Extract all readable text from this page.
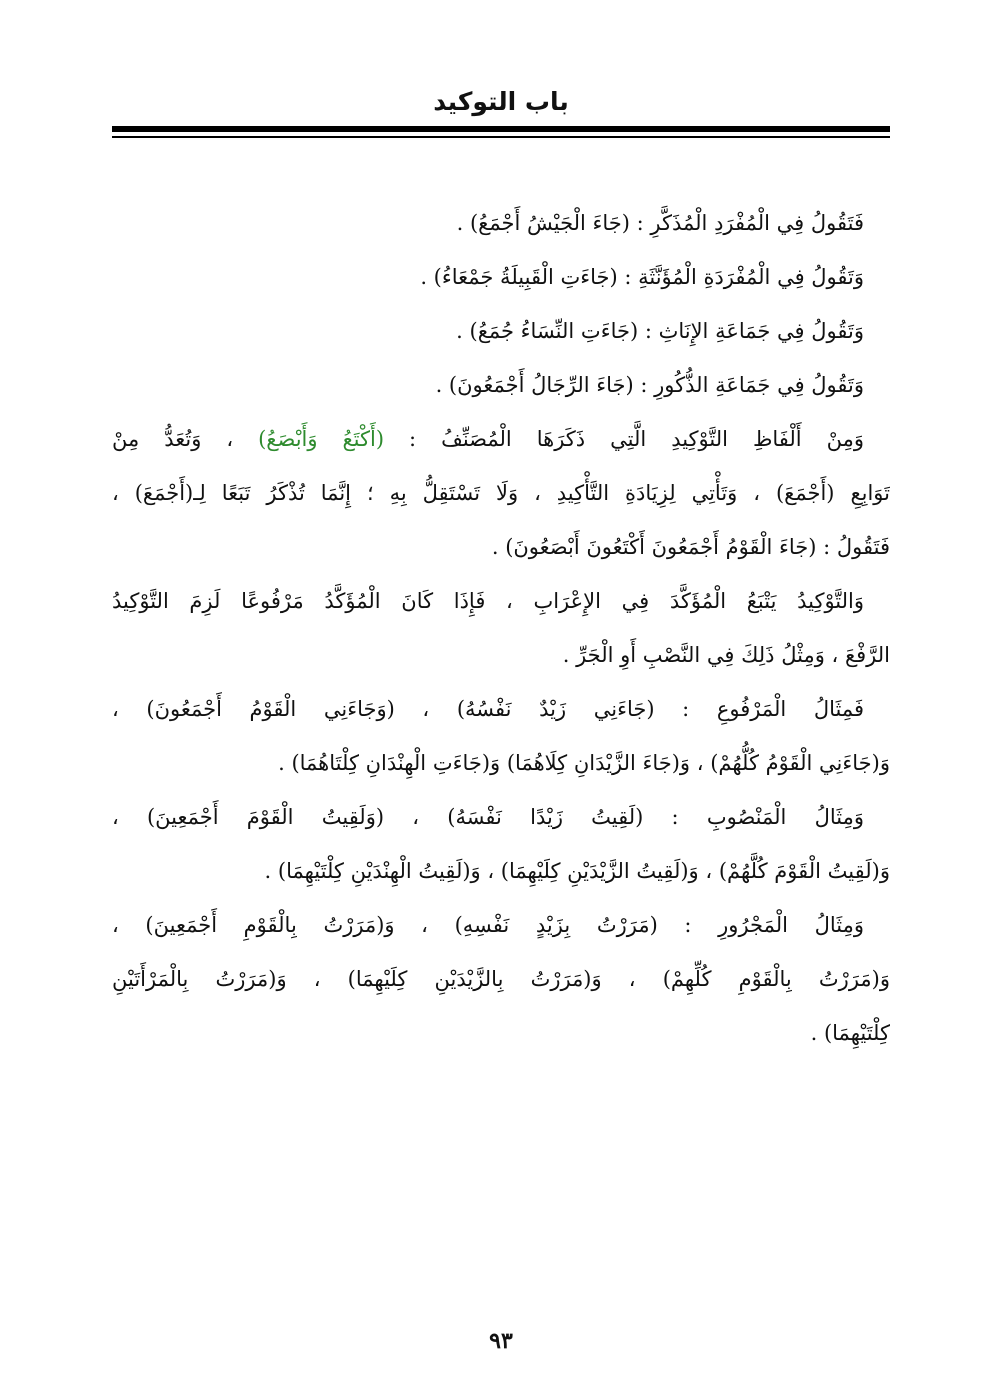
باب التوكيد
فَتَقُولُ فِي الْمُفْرَدِ الْمُذَكَّرِ : (جَاءَ الْجَيْشُ أَجْمَعُ) .
وَتَقُولُ فِي الْمُفْرَدَةِ الْمُؤَنَّثَةِ : (جَاءَتِ الْقَبِيلَةُ جَمْعَاءُ) .
وَتَقُولُ فِي جَمَاعَةِ الإِنَاثِ : (جَاءَتِ النِّسَاءُ جُمَعُ) .
وَتَقُولُ فِي جَمَاعَةِ الذُّكُورِ : (جَاءَ الرِّجَالُ أَجْمَعُونَ) .
وَمِنْ أَلْفَاظِ التَّوْكِيدِ الَّتِي ذَكَرَهَا الْمُصَنِّفُ : (أَكْتَعُ وَأَبْصَعُ) ، وَتُعَدُّ مِنْ
تَوَابِعِ (أَجْمَعَ) ، وَتَأْتِي لِزِيَادَةِ التَّأْكِيدِ ، وَلَا تَسْتَقِلُّ بِهِ ؛ إِنَّمَا تُذْكَرُ تَبَعًا لِـ(أَجْمَعَ) ،
فَتَقُولُ : (جَاءَ الْقَوْمُ أَجْمَعُونَ أَكْتَعُونَ أَبْصَعُونَ) .
وَالتَّوْكِيدُ يَتْبَعُ الْمُؤَكَّدَ فِي الإِعْرَابِ ، فَإِذَا كَانَ الْمُؤَكَّدُ مَرْفُوعًا لَزِمَ التَّوْكِيدُ
الرَّفْعَ ، وَمِثْلُ ذَلِكَ فِي النَّصْبِ أَوِ الْجَرِّ .
فَمِثَالُ الْمَرْفُوعِ : (جَاءَنِي زَيْدٌ نَفْسُهُ) ، (وَجَاءَنِي الْقَوْمُ أَجْمَعُونَ) ،
وَ(جَاءَنِي الْقَوْمُ كُلُّهُمْ) ، وَ(جَاءَ الزَّيْدَانِ كِلَاهُمَا) وَ(جَاءَتِ الْهِنْدَانِ كِلْتَاهُمَا) .
وَمِثَالُ الْمَنْصُوبِ : (لَقِيتُ زَيْدًا نَفْسَهُ) ، (وَلَقِيتُ الْقَوْمَ أَجْمَعِينَ) ،
وَ(لَقِيتُ الْقَوْمَ كُلَّهُمْ) ، وَ(لَقِيتُ الزَّيْدَيْنِ كِلَيْهِمَا) ، وَ(لَقِيتُ الْهِنْدَيْنِ كِلْتَيْهِمَا) .
وَمِثَالُ الْمَجْرُورِ : (مَرَرْتُ بِزَيْدٍ نَفْسِهِ) ، وَ(مَرَرْتُ بِالْقَوْمِ أَجْمَعِينَ) ،
وَ(مَرَرْتُ بِالْقَوْمِ كُلِّهِمْ) ، وَ(مَرَرْتُ بِالزَّيْدَيْنِ كِلَيْهِمَا) ، وَ(مَرَرْتُ بِالْمَرْأَتَيْنِ
كِلْتَيْهِمَا) .
٩٣
